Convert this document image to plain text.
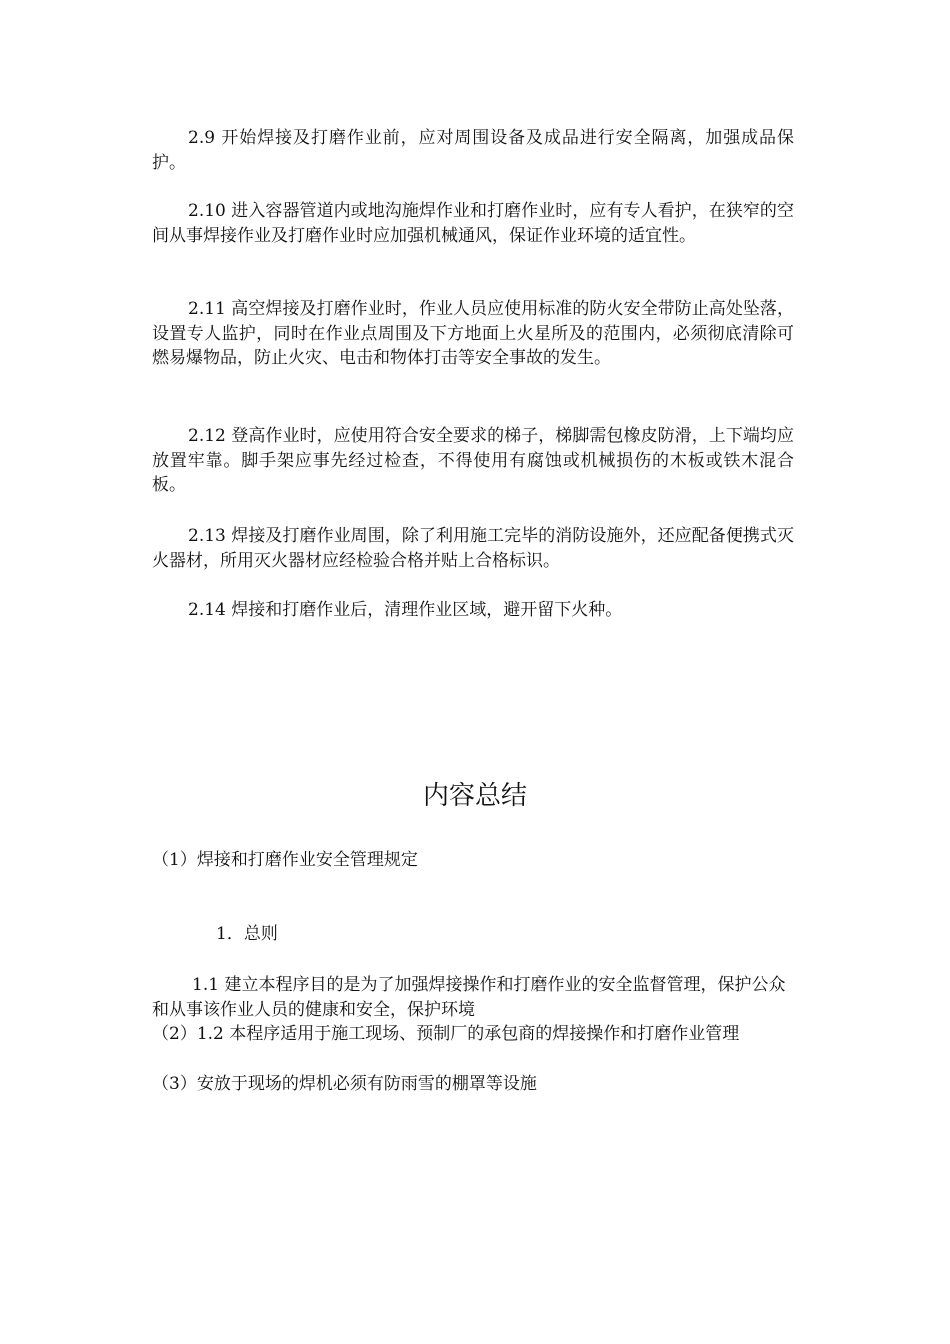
2.9 开始焊接及打磨作业前，应对周围设备及成品进行安全隔离，加强成品保护。

2.10 进入容器管道内或地沟施焊作业和打磨作业时，应有专人看护，在狭窄的空间从事焊接作业及打磨作业时应加强机械通风，保证作业环境的适宜性。

2.11 高空焊接及打磨作业时，作业人员应使用标准的防火安全带防止高处坠落，设置专人监护，同时在作业点周围及下方地面上火星所及的范围内，必须彻底清除可燃易爆物品，防止火灾、电击和物体打击等安全事故的发生。

2.12 登高作业时，应使用符合安全要求的梯子，梯脚需包橡皮防滑，上下端均应放置牢靠。脚手架应事先经过检查，不得使用有腐蚀或机械损伤的木板或铁木混合板。

2.13 焊接及打磨作业周围，除了利用施工完毕的消防设施外，还应配备便携式灭火器材，所用灭火器材应经检验合格并贴上合格标识。

2.14 焊接和打磨作业后，清理作业区域，避开留下火种。

内容总结

（1）焊接和打磨作业安全管理规定

1．总则

1.1 建立本程序目的是为了加强焊接操作和打磨作业的安全监督管理，保护公众和从事该作业人员的健康和安全，保护环境

（2）1.2 本程序适用于施工现场、预制厂的承包商的焊接操作和打磨作业管理

（3）安放于现场的焊机必须有防雨雪的棚罩等设施
